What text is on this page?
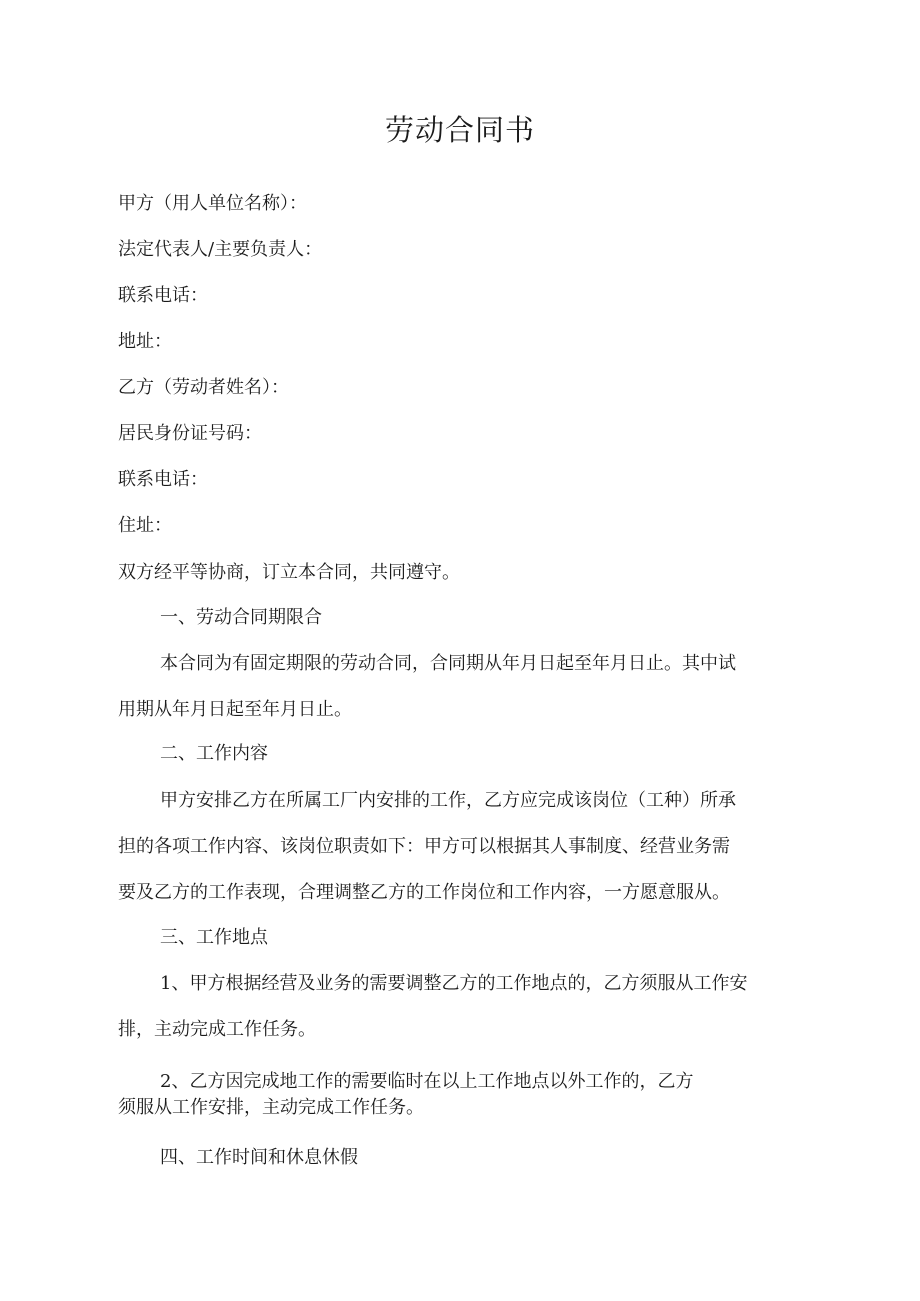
劳动合同书
甲方（用人单位名称）：
法定代表人/主要负责人：
联系电话：
地址：
乙方（劳动者姓名）：
居民身份证号码：
联系电话：
住址：
双方经平等协商，订立本合同，共同遵守。
一、劳动合同期限合
本合同为有固定期限的劳动合同，合同期从年月日起至年月日止。其中试
用期从年月日起至年月日止。
二、工作内容
甲方安排乙方在所属工厂内安排的工作，乙方应完成该岗位（工种）所承
担的各项工作内容、该岗位职责如下：甲方可以根据其人事制度、经营业务需
要及乙方的工作表现，合理调整乙方的工作岗位和工作内容，一方愿意服从。
三、工作地点
1、甲方根据经营及业务的需要调整乙方的工作地点的，乙方须服从工作安
排，主动完成工作任务。
2、乙方因完成地工作的需要临时在以上工作地点以外工作的，乙方
须服从工作安排，主动完成工作任务。
四、工作时间和休息休假
